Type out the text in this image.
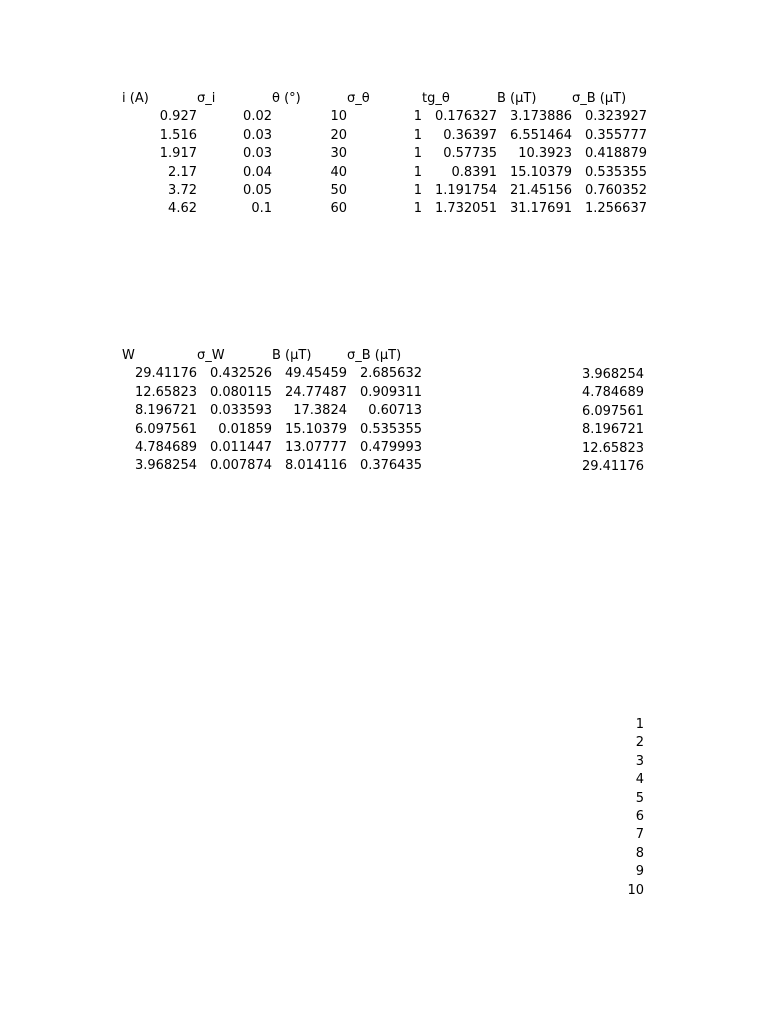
i (A)	σ_i	θ (°)	σ_θ	tg_θ	B (μT)	σ_B (μT)
0.927	0.02	10	1 0.176327 3.173886 0.323927
1.516	0.03	20	1	0.36397 6.551464 0.355777
1.917	0.03	30	1	0.57735	10.3923 0.418879
2.17	0.04	40	1	0.8391 15.10379 0.535355
3.72	0.05	50	1 1.191754 21.45156 0.760352
4.62	0.1	60	1 1.732051 31.17691 1.256637
W	σ_W	B (μT)	σ_B (μT)
29.41176 0.432526 49.45459 2.685632
12.65823 0.080115 24.77487 0.909311
8.196721 0.033593	17.3824	0.60713
6.097561	0.01859 15.10379 0.535355
4.784689 0.011447 13.07777 0.479993
3.968254 0.007874 8.014116 0.376435
3.968254
4.784689
6.097561
8.196721
12.65823
29.41176
1
2
3
4
5
6
7
8
9
10
